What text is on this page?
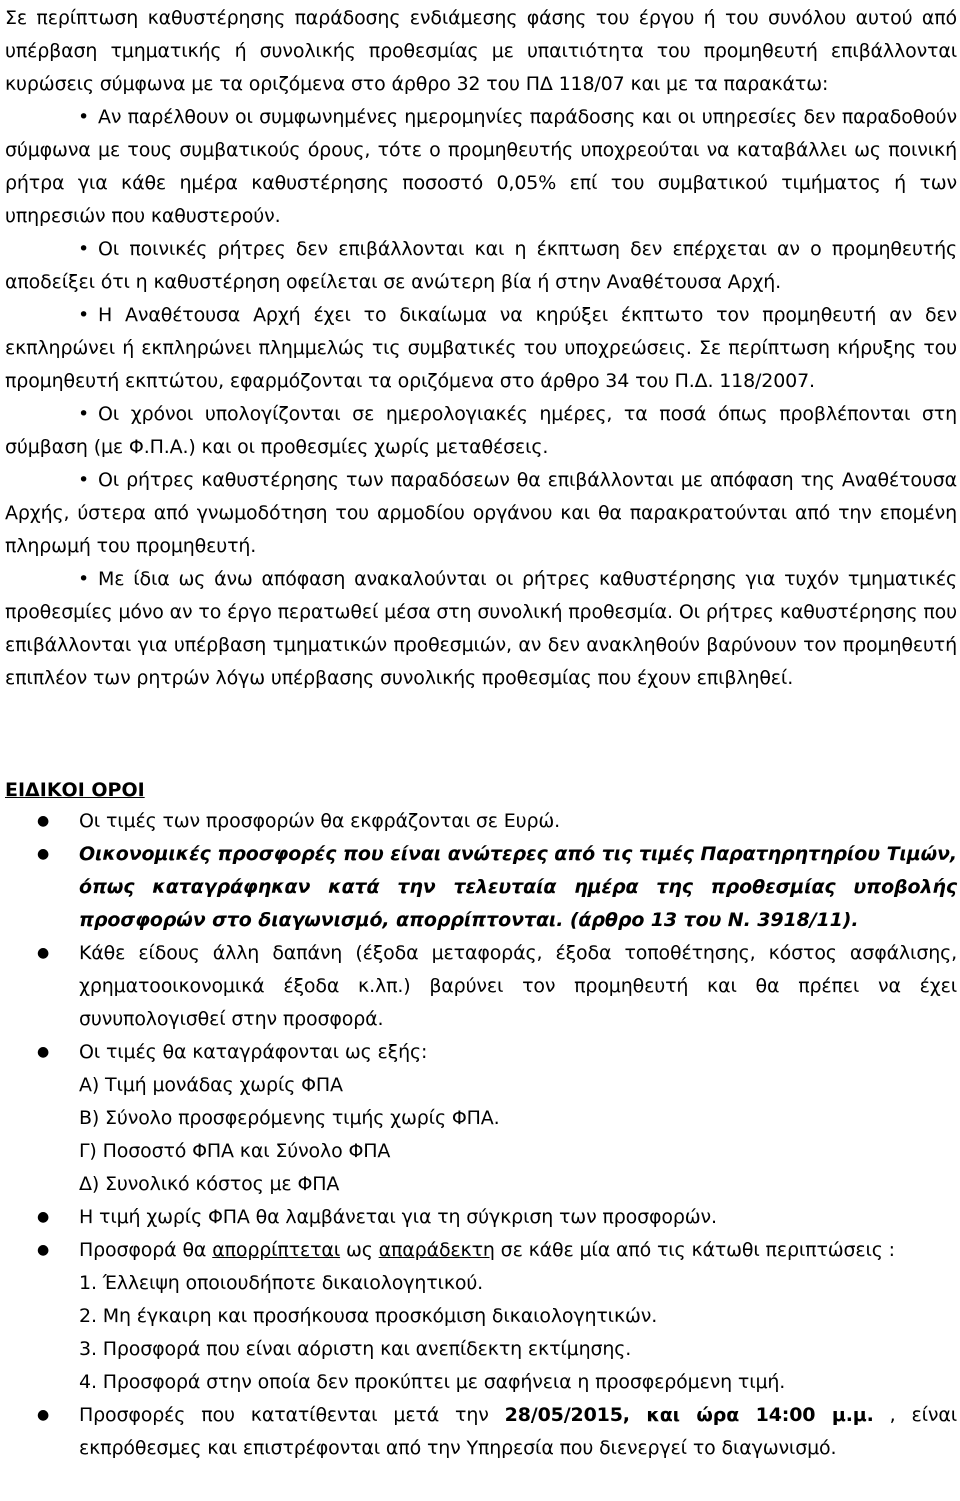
Σε περίπτωση καθυστέρησης παράδοσης ενδιάμεσης φάσης του έργου ή του συνόλου αυτού από υπέρβαση τμηματικής ή συνολικής προθεσμίας με υπαιτιότητα του προμηθευτή επιβάλλονται κυρώσεις σύμφωνα με τα οριζόμενα στο άρθρο 32 του ΠΔ 118/07 και με τα παρακάτω:

• Αν παρέλθουν οι συμφωνημένες ημερομηνίες παράδοσης και οι υπηρεσίες δεν παραδοθούν σύμφωνα με τους συμβατικούς όρους, τότε ο προμηθευτής υποχρεούται να καταβάλλει ως ποινική ρήτρα για κάθε ημέρα καθυστέρησης ποσοστό 0,05% επί του συμβατικού τιμήματος ή των υπηρεσιών που καθυστερούν.

• Οι ποινικές ρήτρες δεν επιβάλλονται και η έκπτωση δεν επέρχεται αν ο προμηθευτής αποδείξει ότι η καθυστέρηση οφείλεται σε ανώτερη βία ή στην Αναθέτουσα Αρχή.

• Η Αναθέτουσα Αρχή έχει το δικαίωμα να κηρύξει έκπτωτο τον προμηθευτή αν δεν εκπληρώνει ή εκπληρώνει πλημμελώς τις συμβατικές του υποχρεώσεις. Σε περίπτωση κήρυξης του προμηθευτή εκπτώτου, εφαρμόζονται τα οριζόμενα στο άρθρο 34 του Π.Δ. 118/2007.

• Οι χρόνοι υπολογίζονται σε ημερολογιακές ημέρες, τα ποσά όπως προβλέπονται στη σύμβαση (με Φ.Π.Α.) και οι προθεσμίες χωρίς μεταθέσεις.

• Οι ρήτρες καθυστέρησης των παραδόσεων θα επιβάλλονται με απόφαση της Αναθέτουσα Αρχής, ύστερα από γνωμοδότηση του αρμοδίου οργάνου και θα παρακρατούνται από την επομένη πληρωμή του προμηθευτή.

• Με ίδια ως άνω απόφαση ανακαλούνται οι ρήτρες καθυστέρησης για τυχόν τμηματικές προθεσμίες μόνο αν το έργο περατωθεί μέσα στη συνολική προθεσμία. Οι ρήτρες καθυστέρησης που επιβάλλονται για υπέρβαση τμηματικών προθεσμιών, αν δεν ανακληθούν βαρύνουν τον προμηθευτή επιπλέον των ρητρών λόγω υπέρβασης συνολικής προθεσμίας που έχουν επιβληθεί.

ΕΙΔΙΚΟΙ ΟΡΟΙ
● Οι τιμές των προσφορών θα εκφράζονται σε Ευρώ.
● Οικονομικές προσφορές που είναι ανώτερες από τις τιμές Παρατηρητηρίου Τιμών, όπως καταγράφηκαν κατά την τελευταία ημέρα της προθεσμίας υποβολής προσφορών στο διαγωνισμό, απορρίπτονται. (άρθρο 13 του Ν. 3918/11).
● Κάθε είδους άλλη δαπάνη (έξοδα μεταφοράς, έξοδα τοποθέτησης, κόστος ασφάλισης, χρηματοοικονομικά έξοδα κ.λπ.) βαρύνει τον προμηθευτή και θα πρέπει να έχει συνυπολογισθεί στην προσφορά.
● Οι τιμές θα καταγράφονται ως εξής:
Α) Τιμή μονάδας χωρίς ΦΠΑ
Β) Σύνολο προσφερόμενης τιμής χωρίς ΦΠΑ.
Γ) Ποσοστό ΦΠΑ και Σύνολο ΦΠΑ
Δ) Συνολικό κόστος με ΦΠΑ
● Η τιμή χωρίς ΦΠΑ θα λαμβάνεται για τη σύγκριση των προσφορών.
● Προσφορά θα απορρίπτεται ως απαράδεκτη σε κάθε μία από τις κάτωθι περιπτώσεις :
1. Έλλειψη οποιουδήποτε δικαιολογητικού.
2. Μη έγκαιρη και προσήκουσα προσκόμιση δικαιολογητικών.
3. Προσφορά που είναι αόριστη και ανεπίδεκτη εκτίμησης.
4. Προσφορά στην οποία δεν προκύπτει με σαφήνεια η προσφερόμενη τιμή.
● Προσφορές που κατατίθενται μετά την 28/05/2015, και ώρα 14:00 μ.μ. , είναι εκπρόθεσμες και επιστρέφονται από την Υπηρεσία που διενεργεί το διαγωνισμό.
